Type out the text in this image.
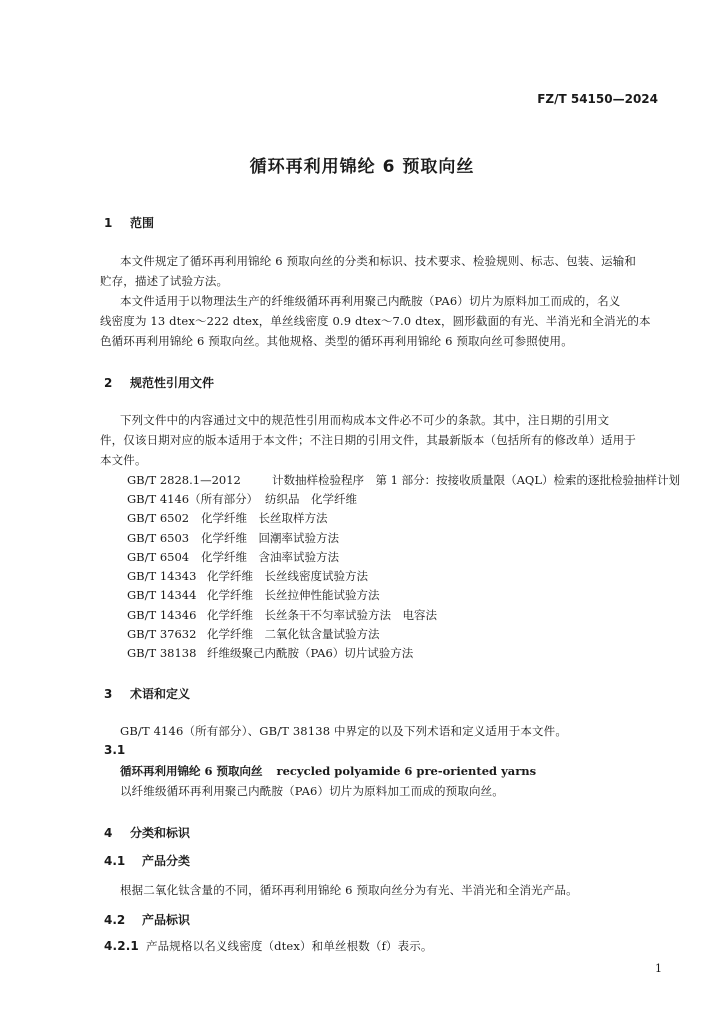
FZ/T 54150—2024
循环再利用锦纶 6 预取向丝
1 范围
本文件规定了循环再利用锦纶 6 预取向丝的分类和标识、技术要求、检验规则、标志、包装、运输和
贮存，描述了试验方法。
本文件适用于以物理法生产的纤维级循环再利用聚己内酰胺（PA6）切片为原料加工而成的，名义
线密度为 13 dtex～222 dtex，单丝线密度 0.9 dtex～7.0 dtex，圆形截面的有光、半消光和全消光的本
色循环再利用锦纶 6 预取向丝。其他规格、类型的循环再利用锦纶 6 预取向丝可参照使用。
2 规范性引用文件
下列文件中的内容通过文中的规范性引用而构成本文件必不可少的条款。其中，注日期的引用文
件，仅该日期对应的版本适用于本文件；不注日期的引用文件，其最新版本（包括所有的修改单）适用于
本文件。
GB/T 2828.1—2012	计数抽样检验程序　第 1 部分：按接收质量限（AQL）检索的逐批检验抽样计划
GB/T 4146（所有部分） 纺织品　化学纤维
GB/T 6502 化学纤维　长丝取样方法
GB/T 6503 化学纤维　回潮率试验方法
GB/T 6504 化学纤维　含油率试验方法
GB/T 14343 化学纤维　长丝线密度试验方法
GB/T 14344 化学纤维　长丝拉伸性能试验方法
GB/T 14346 化学纤维　长丝条干不匀率试验方法　电容法
GB/T 37632 化学纤维　二氧化钛含量试验方法
GB/T 38138 纤维级聚己内酰胺（PA6）切片试验方法
3 术语和定义
GB/T 4146（所有部分）、GB/T 38138 中界定的以及下列术语和定义适用于本文件。
3.1
循环再利用锦纶 6 预取向丝 recycled polyamide 6 pre-oriented yarns
以纤维级循环再利用聚己内酰胺（PA6）切片为原料加工而成的预取向丝。
4 分类和标识
4.1 产品分类
根据二氧化钛含量的不同，循环再利用锦纶 6 预取向丝分为有光、半消光和全消光产品。
4.2 产品标识
4.2.1 产品规格以名义线密度（dtex）和单丝根数（f）表示。
1
